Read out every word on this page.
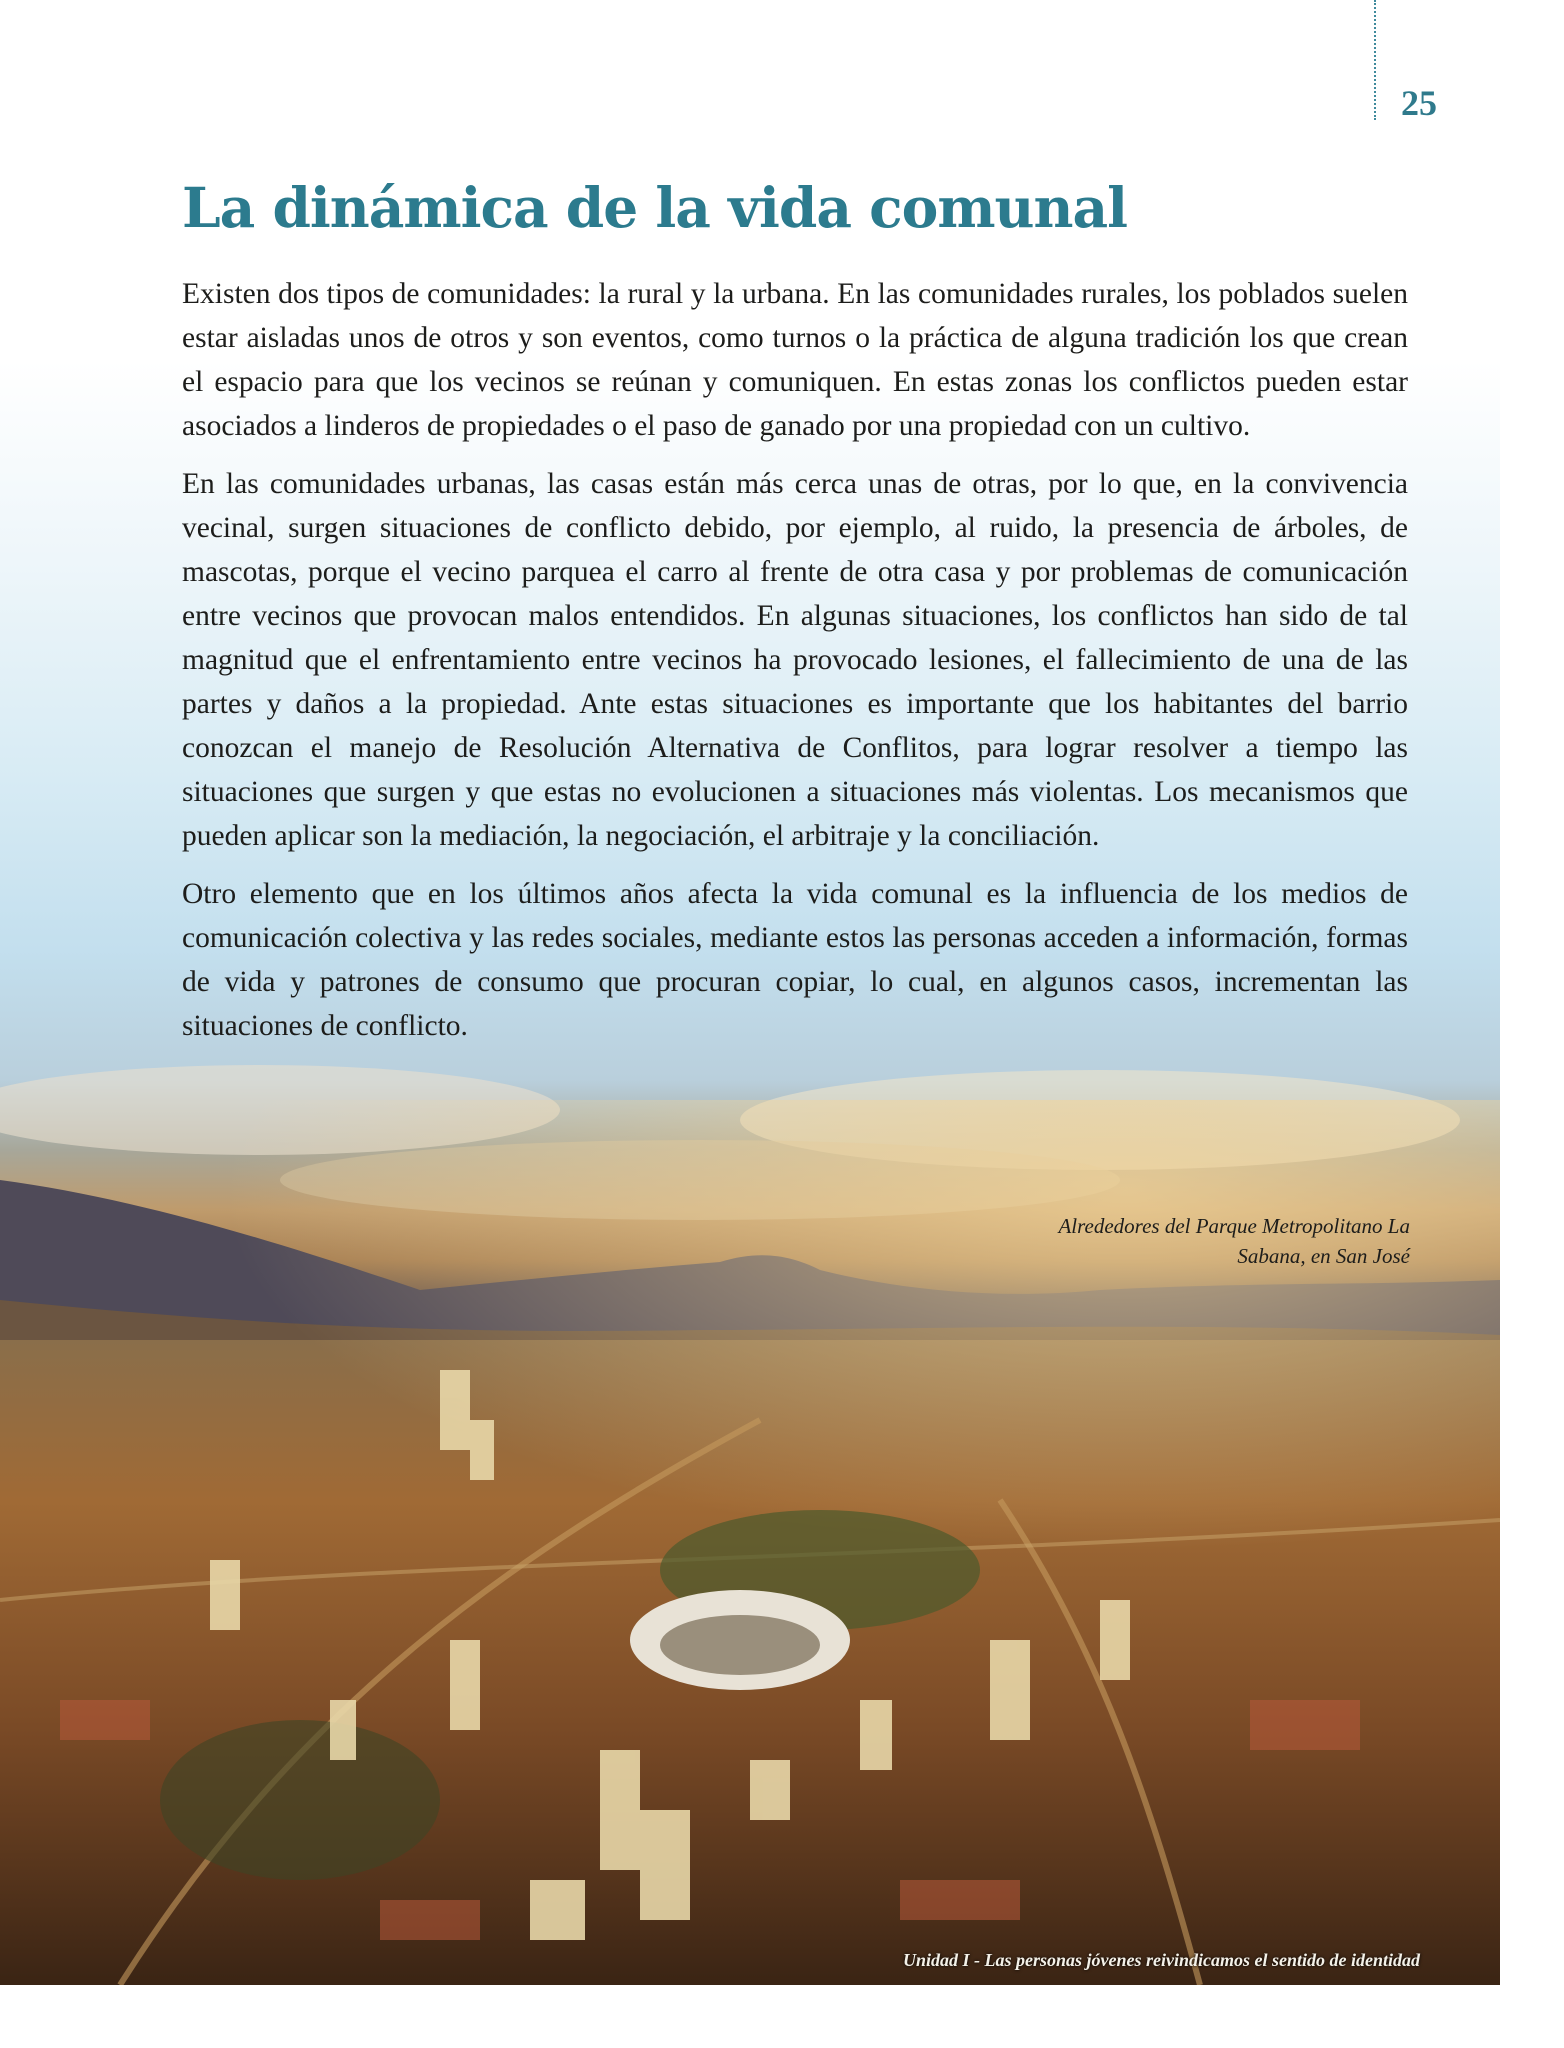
25
La dinámica de la vida comunal

Existen dos tipos de comunidades: la rural y la urbana. En las comunidades rurales, los poblados suelen estar aisladas unos de otros y son eventos, como turnos o la práctica de alguna tradición los que crean el espacio para que los vecinos se reúnan y comuniquen. En estas zonas los conflictos pueden estar asociados a linderos de propiedades o el paso de ganado por una propiedad con un cultivo.

En las comunidades urbanas, las casas están más cerca unas de otras, por lo que, en la convivencia vecinal, surgen situaciones de conflicto debido, por ejemplo, al ruido, la presencia de árboles, de mascotas, porque el vecino parquea el carro al frente de otra casa y por problemas de comunicación entre vecinos que provocan malos entendidos. En algunas situaciones, los conflictos han sido de tal magnitud que el enfrentamiento entre vecinos ha provocado lesiones, el fallecimiento de una de las partes y daños a la propiedad. Ante estas situaciones es importante que los habitantes del barrio conozcan el manejo de Resolución Alternativa de Conflitos, para lograr resolver a tiempo las situaciones que surgen y que estas no evolucionen a situaciones más violentas. Los mecanismos que pueden aplicar son la mediación, la negociación, el arbitraje y la conciliación.

Otro elemento que en los últimos años afecta la vida comunal es la influencia de los medios de comunicación colectiva y las redes sociales, mediante estos las personas acceden a información, formas de vida y patrones de consumo que procuran copiar, lo cual, en algunos casos, incrementan las situaciones de conflicto.

Alrededores del Parque Metropolitano La
Sabana, en San José
Unidad I - Las personas jóvenes reivindicamos el sentido de identidad
